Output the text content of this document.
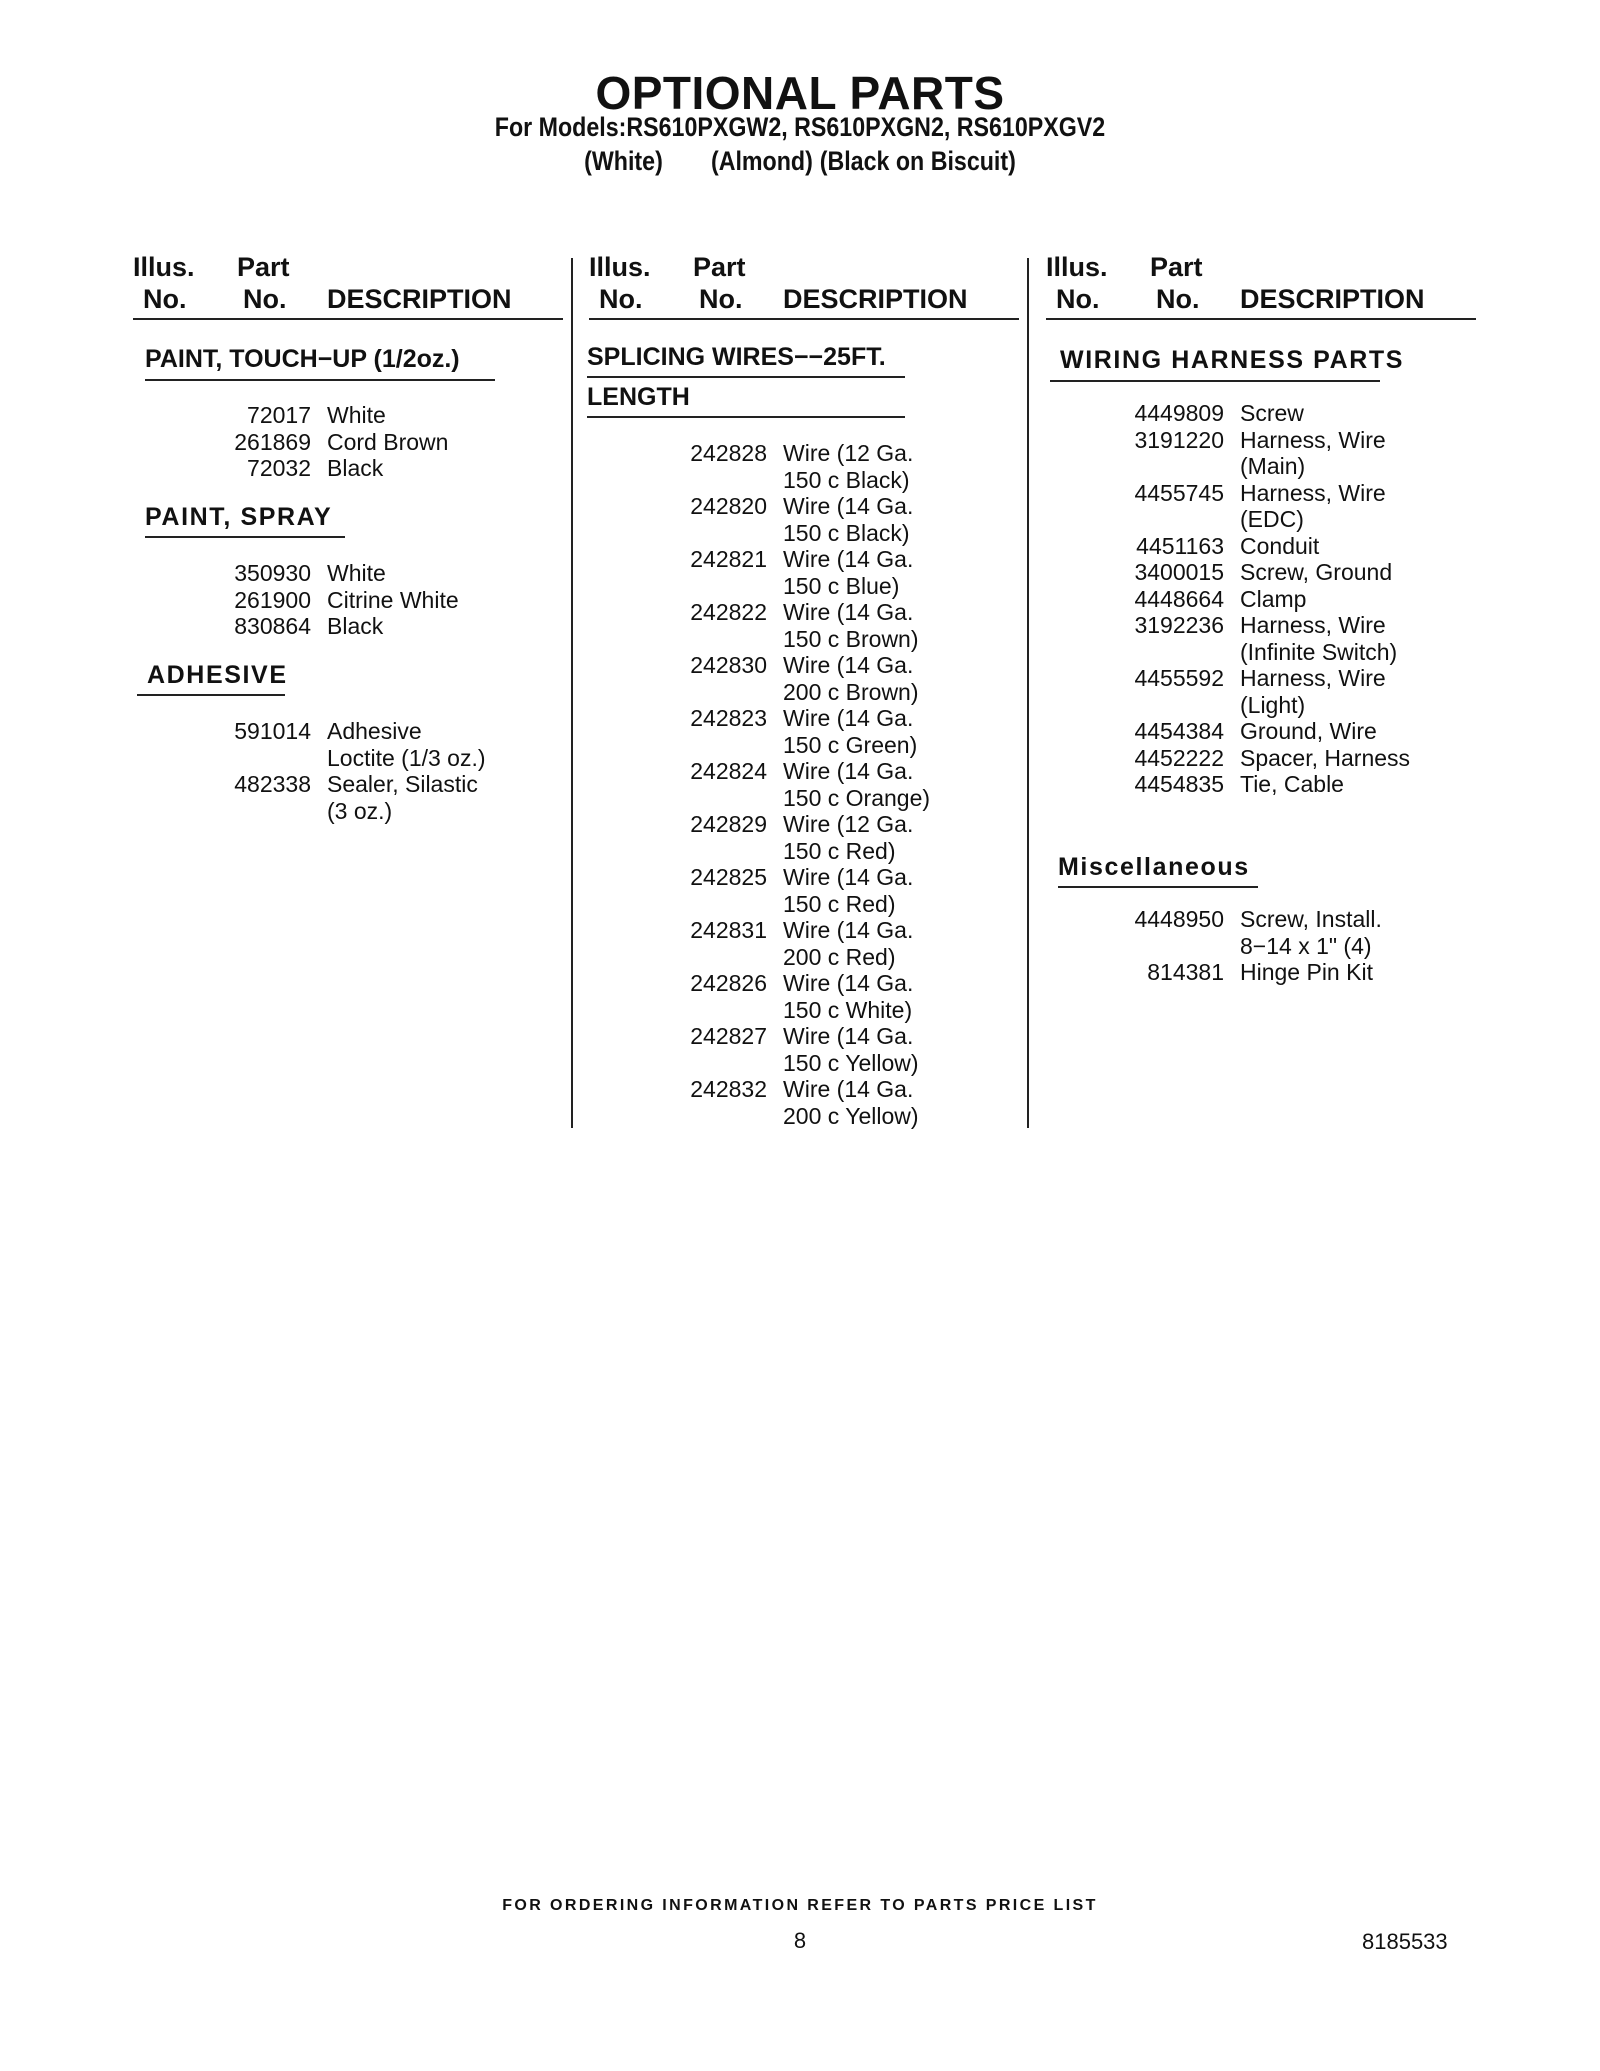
OPTIONAL PARTS
For Models:RS610PXGW2, RS610PXGN2, RS610PXGV2
(White) (Almond) (Black on Biscuit)
Illus.
No.
Part
No. DESCRIPTION
PAINT, TOUCH−UP (1/2oz.)
72017 White
261869 Cord Brown
72032 Black
PAINT, SPRAY
350930 White
261900 Citrine White
830864 Black
ADHESIVE
591014 Adhesive
Loctite (1/3 oz.)
482338 Sealer, Silastic
(3 oz.)
Illus.
No.
Part
No. DESCRIPTION
SPLICING WIRES−−25FT.
LENGTH
242828 Wire (12 Ga.
150 c Black)
242820 Wire (14 Ga.
150 c Black)
242821 Wire (14 Ga.
150 c Blue)
242822 Wire (14 Ga.
150 c Brown)
242830 Wire (14 Ga.
200 c Brown)
242823 Wire (14 Ga.
150 c Green)
242824 Wire (14 Ga.
150 c Orange)
242829 Wire (12 Ga.
150 c Red)
242825 Wire (14 Ga.
150 c Red)
242831 Wire (14 Ga.
200 c Red)
242826 Wire (14 Ga.
150 c White)
242827 Wire (14 Ga.
150 c Yellow)
242832 Wire (14 Ga.
200 c Yellow)
Illus.
No.
Part
No. DESCRIPTION
WIRING HARNESS PARTS
4449809 Screw
3191220 Harness, Wire
(Main)
4455745 Harness, Wire
(EDC)
4451163 Conduit
3400015 Screw, Ground
4448664 Clamp
3192236 Harness, Wire
(Infinite Switch)
4455592 Harness, Wire
(Light)
4454384 Ground, Wire
4452222 Spacer, Harness
4454835 Tie, Cable
Miscellaneous
4448950 Screw, Install.
8−14 x 1" (4)
814381 Hinge Pin Kit
FOR ORDERING INFORMATION REFER TO PARTS PRICE LIST
8	8185533
